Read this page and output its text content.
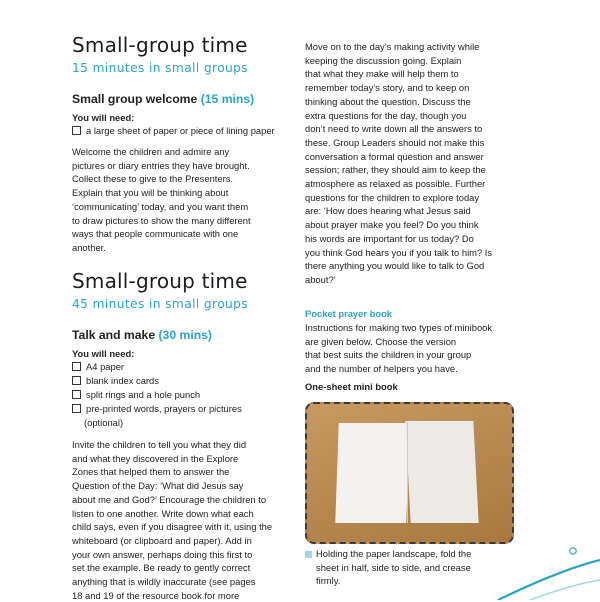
Small-group time
15 minutes in small groups
Small group welcome (15 mins)
You will need:
a large sheet of paper or piece of lining paper
Welcome the children and admire any
pictures or diary entries they have brought.
Collect these to give to the Presenters.
Explain that you will be thinking about
‘communicating’ today, and you want them
to draw pictures to show the many different
ways that people communicate with one
another.
Small-group time
45 minutes in small groups
Talk and make (30 mins)
You will need:
A4 paper
blank index cards
split rings and a hole punch
pre-printed words, prayers or pictures
(optional)
Invite the children to tell you what they did
and what they discovered in the Explore
Zones that helped them to answer the
Question of the Day: ‘What did Jesus say
about me and God?’ Encourage the children to
listen to one another. Write down what each
child says, even if you disagree with it, using the
whiteboard (or clipboard and paper). Add in
your own answer, perhaps doing this first to
set the example. Be ready to gently correct
anything that is wildly inaccurate (see pages
18 and 19 of the resource book for more
Move on to the day’s making activity while
keeping the discussion going. Explain
that what they make will help them to
remember today’s story, and to keep on
thinking about the question. Discuss the
extra questions for the day, though you
don’t need to write down all the answers to
these. Group Leaders should not make this
conversation a formal question and answer
session; rather, they should aim to keep the
atmosphere as relaxed as possible. Further
questions for the children to explore today
are: ‘How does hearing what Jesus said
about prayer make you feel? Do you think
his words are important for us today? Do
you think God hears you if you talk to him? Is
there anything you would like to talk to God
about?’
Pocket prayer book
Instructions for making two types of minibook
are given below. Choose the version
that best suits the children in your group
and the number of helpers you have.
One-sheet mini book
Holding the paper landscape, fold the
sheet in half, side to side, and crease
firmly.
